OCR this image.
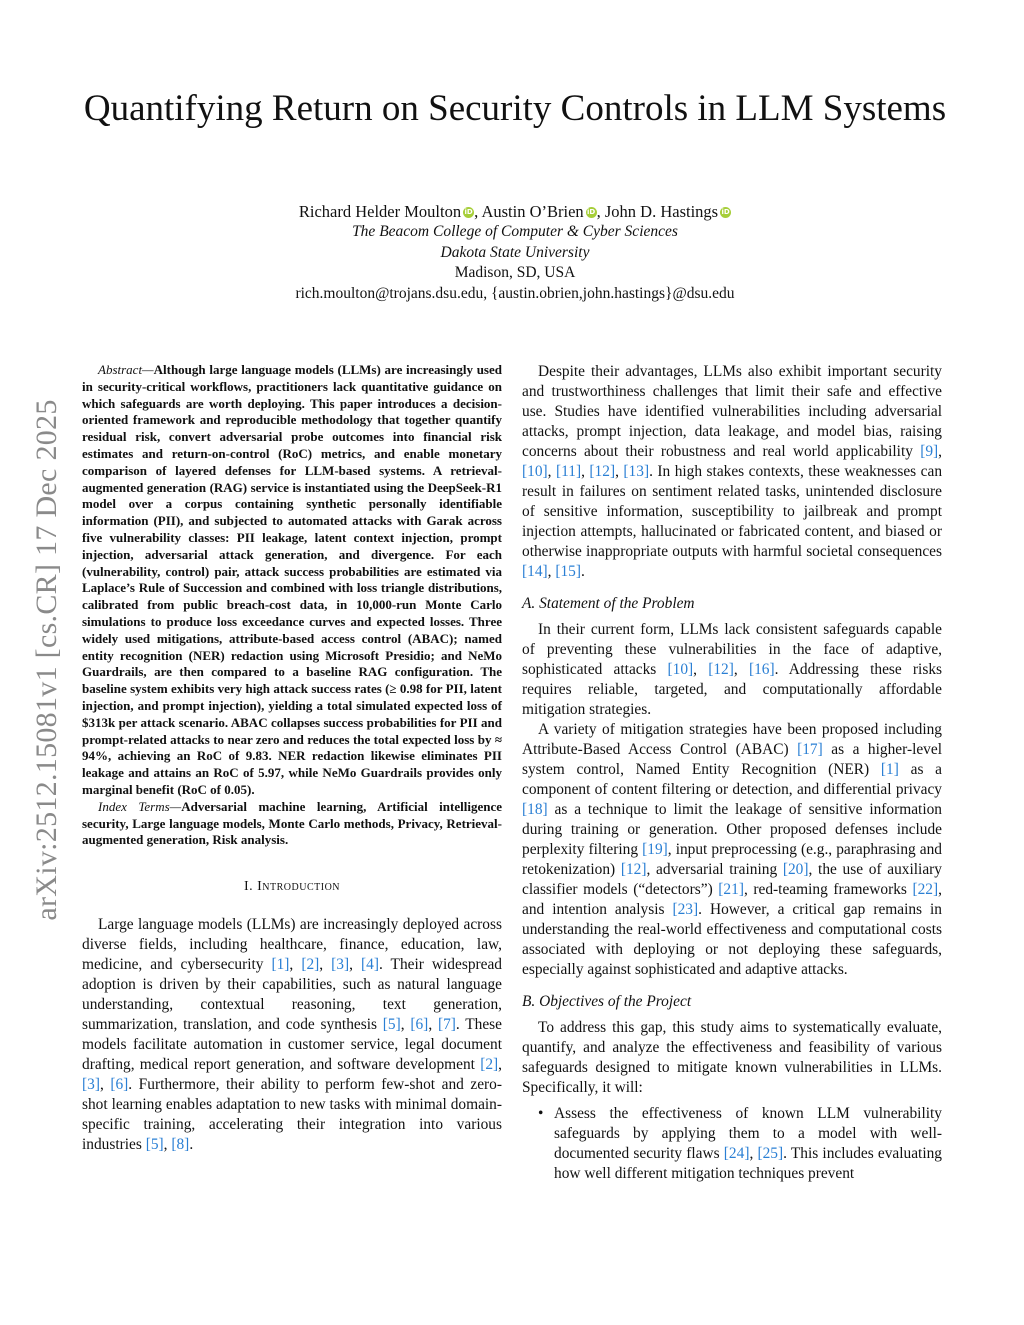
arXiv:2512.15081v1 [cs.CR] 17 Dec 2025
Quantifying Return on Security Controls in LLM Systems
Richard Helder Moulton iD, Austin O’Brien iD, John D. Hastings iD
The Beacom College of Computer & Cyber Sciences
Dakota State University
Madison, SD, USA
rich.moulton@trojans.dsu.edu, {austin.obrien,john.hastings}@dsu.edu

Abstract—Although large language models (LLMs) are increasingly used in security-critical workflows, practitioners lack quantitative guidance on which safeguards are worth deploying. This paper introduces a decision-oriented framework and reproducible methodology that together quantify residual risk, convert adversarial probe outcomes into financial risk estimates and return-on-control (RoC) metrics, and enable monetary comparison of layered defenses for LLM-based systems. A retrieval-augmented generation (RAG) service is instantiated using the DeepSeek-R1 model over a corpus containing synthetic personally identifiable information (PII), and subjected to automated attacks with Garak across five vulnerability classes: PII leakage, latent context injection, prompt injection, adversarial attack generation, and divergence. For each (vulnerability, control) pair, attack success probabilities are estimated via Laplace’s Rule of Succession and combined with loss triangle distributions, calibrated from public breach-cost data, in 10,000-run Monte Carlo simulations to produce loss exceedance curves and expected losses. Three widely used mitigations, attribute-based access control (ABAC); named entity recognition (NER) redaction using Microsoft Presidio; and NeMo Guardrails, are then compared to a baseline RAG configuration. The baseline system exhibits very high attack success rates (≥ 0.98 for PII, latent injection, and prompt injection), yielding a total simulated expected loss of $313k per attack scenario. ABAC collapses success probabilities for PII and prompt-related attacks to near zero and reduces the total expected loss by ≈ 94%, achieving an RoC of 9.83. NER redaction likewise eliminates PII leakage and attains an RoC of 5.97, while NeMo Guardrails provides only marginal benefit (RoC of 0.05).

Index Terms—Adversarial machine learning, Artificial intelligence security, Large language models, Monte Carlo methods, Privacy, Retrieval-augmented generation, Risk analysis.

I. Introduction

Large language models (LLMs) are increasingly deployed across diverse fields, including healthcare, finance, education, law, medicine, and cybersecurity [1], [2], [3], [4]. Their widespread adoption is driven by their capabilities, such as natural language understanding, contextual reasoning, text generation, summarization, translation, and code synthesis [5], [6], [7]. These models facilitate automation in customer service, legal document drafting, medical report generation, and software development [2], [3], [6]. Furthermore, their ability to perform few-shot and zero-shot learning enables adaptation to new tasks with minimal domain-specific training, accelerating their integration into various industries [5], [8].

Despite their advantages, LLMs also exhibit important security and trustworthiness challenges that limit their safe and effective use. Studies have identified vulnerabilities including adversarial attacks, prompt injection, data leakage, and model bias, raising concerns about their robustness and real world applicability [9], [10], [11], [12], [13]. In high stakes contexts, these weaknesses can result in failures on sentiment related tasks, unintended disclosure of sensitive information, susceptibility to jailbreak and prompt injection attempts, hallucinated or fabricated content, and biased or otherwise inappropriate outputs with harmful societal consequences [14], [15].

A. Statement of the Problem

In their current form, LLMs lack consistent safeguards capable of preventing these vulnerabilities in the face of adaptive, sophisticated attacks [10], [12], [16]. Addressing these risks requires reliable, targeted, and computationally affordable mitigation strategies.

A variety of mitigation strategies have been proposed including Attribute-Based Access Control (ABAC) [17] as a higher-level system control, Named Entity Recognition (NER) [1] as a component of content filtering or detection, and differential privacy [18] as a technique to limit the leakage of sensitive information during training or generation. Other proposed defenses include perplexity filtering [19], input preprocessing (e.g., paraphrasing and retokenization) [12], adversarial training [20], the use of auxiliary classifier models (“detectors”) [21], red-teaming frameworks [22], and intention analysis [23]. However, a critical gap remains in understanding the real-world effectiveness and computational costs associated with deploying or not deploying these safeguards, especially against sophisticated and adaptive attacks.

B. Objectives of the Project

To address this gap, this study aims to systematically evaluate, quantify, and analyze the effectiveness and feasibility of various safeguards designed to mitigate known vulnerabilities in LLMs. Specifically, it will:

• Assess the effectiveness of known LLM vulnerability safeguards by applying them to a model with well-documented security flaws [24], [25]. This includes evaluating how well different mitigation techniques prevent
